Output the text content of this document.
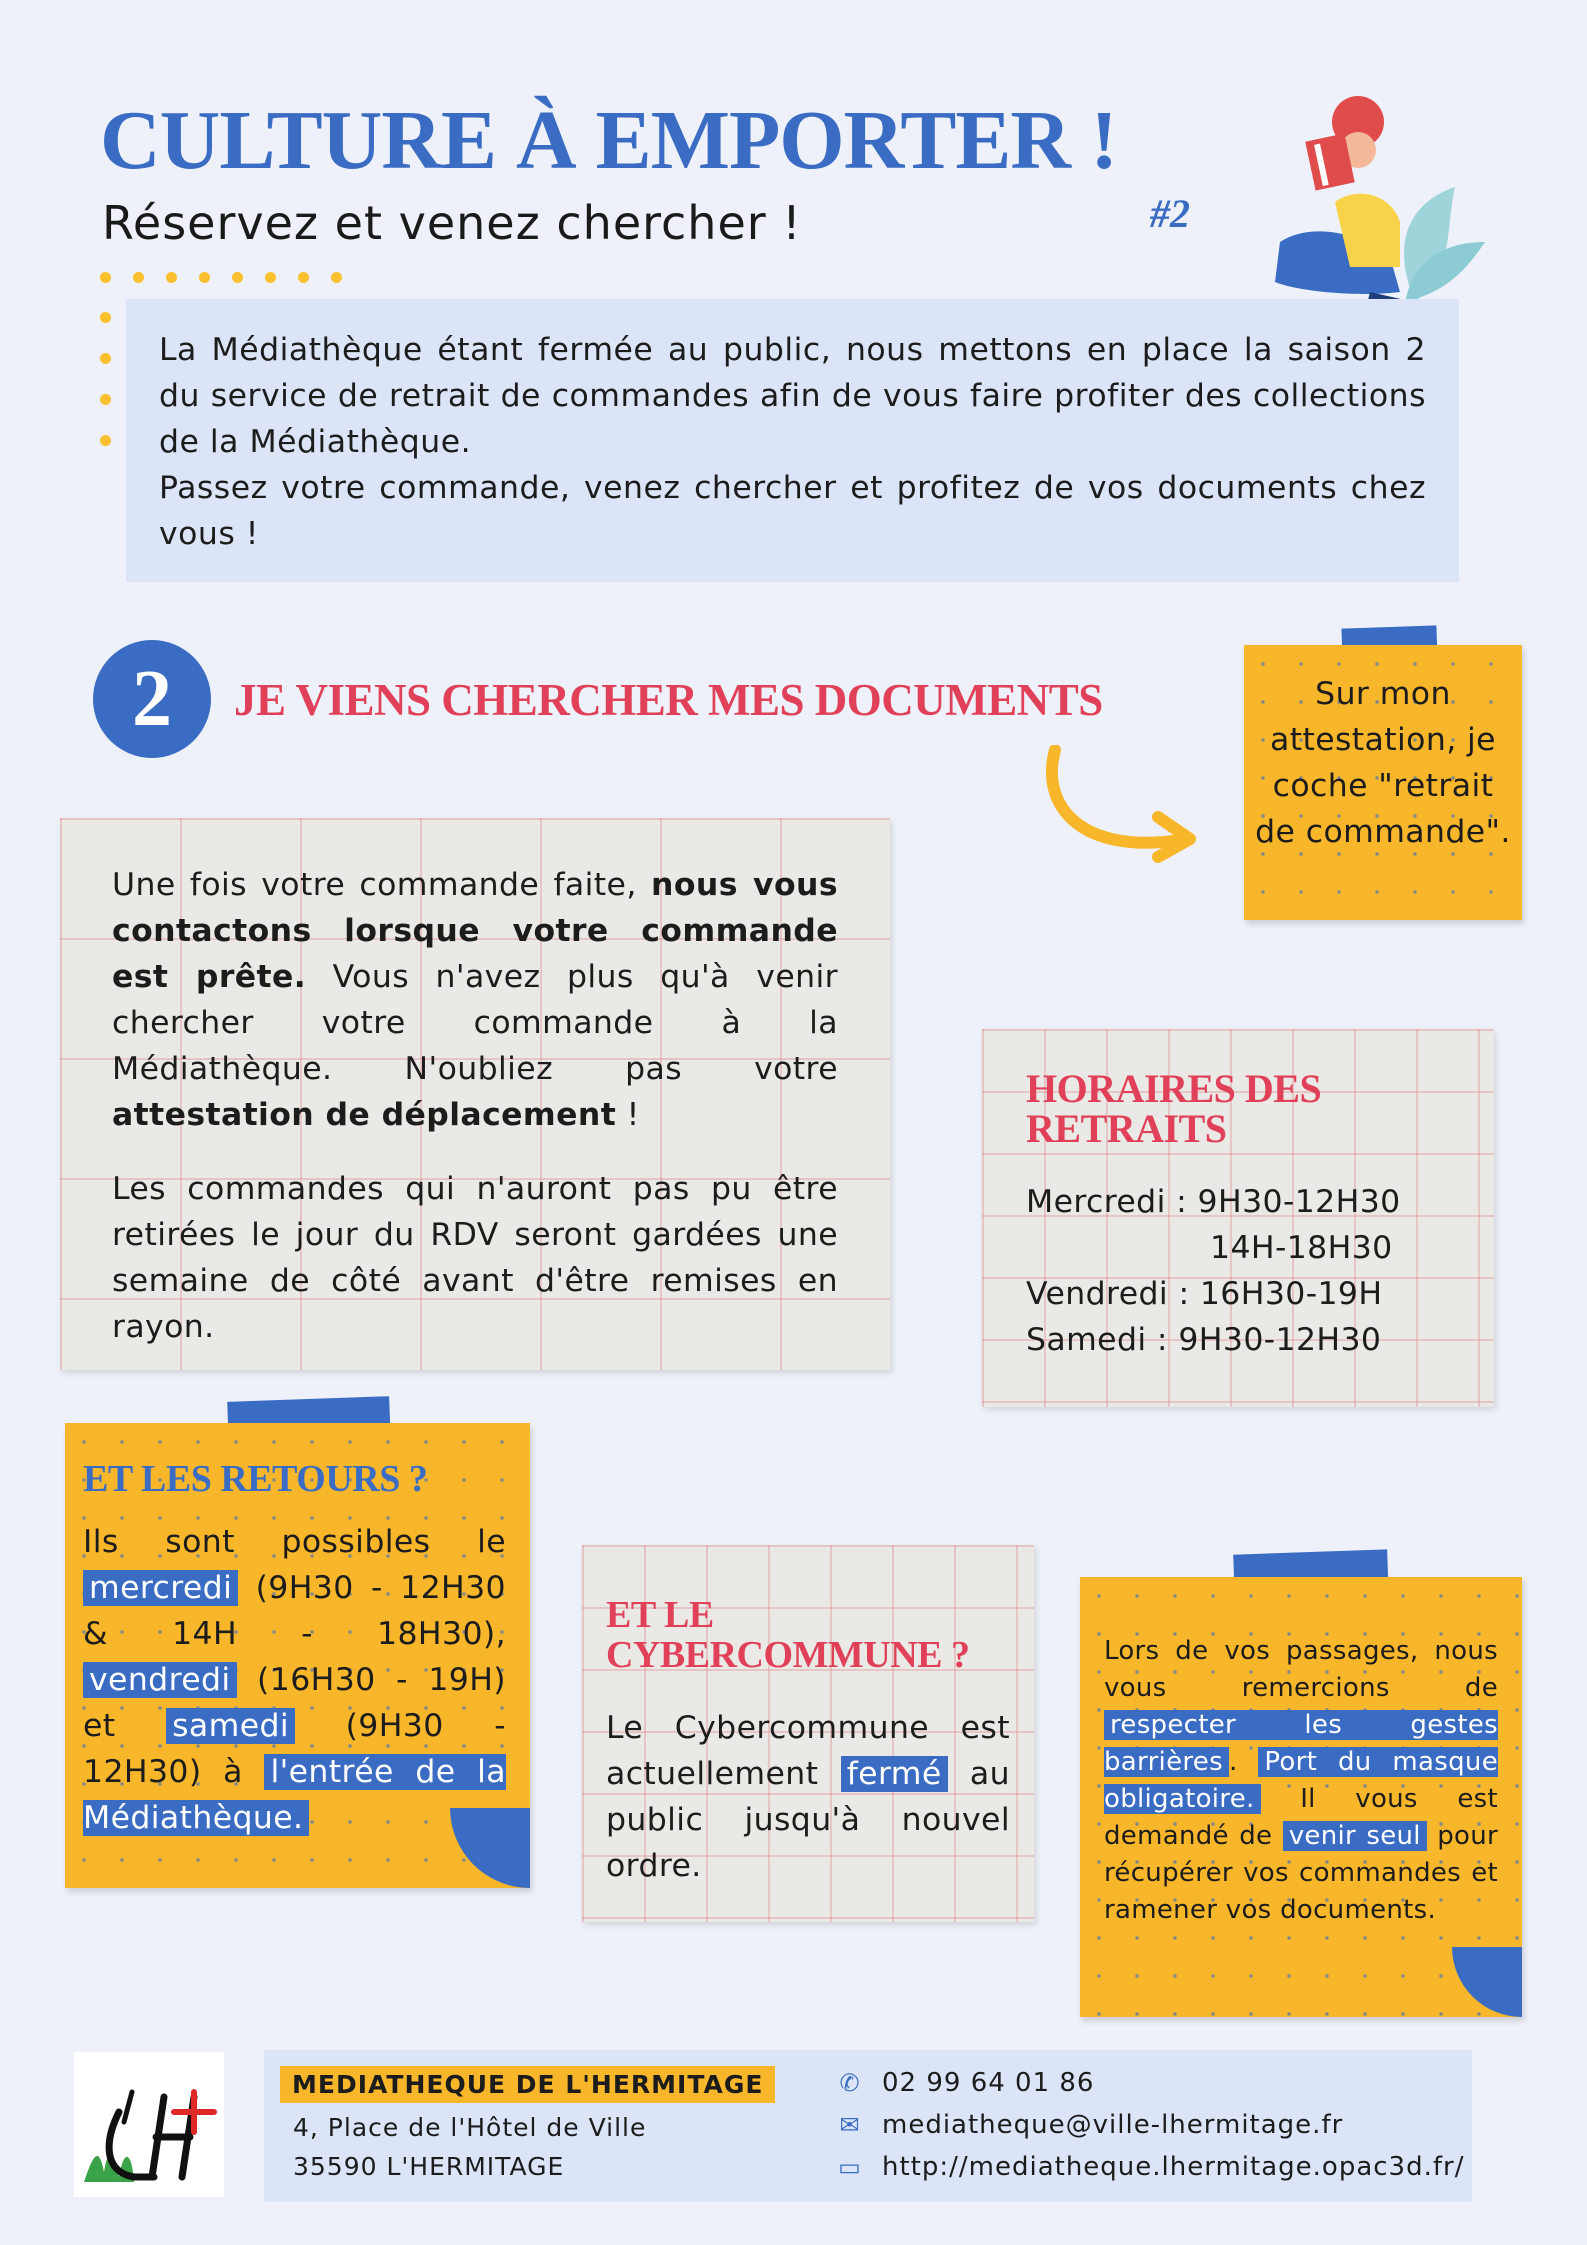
CULTURE À EMPORTER !
Réservez et venez chercher !	#2
La Médiathèque étant fermée au public, nous mettons en place la saison 2 du service de retrait de commandes afin de vous faire profiter des collections de la Médiathèque.
Passez votre commande, venez chercher et profitez de vos documents chez vous !
2	JE VIENS CHERCHER MES DOCUMENTS

Une fois votre commande faite, nous vous contactons lorsque votre commande est prête. Vous n'avez plus qu'à venir chercher votre commande à la Médiathèque. N'oubliez pas votre attestation de déplacement !

Les commandes qui n'auront pas pu être retirées le jour du RDV seront gardées une semaine de côté avant d'être remises en rayon.

Sur mon attestation, je coche "retrait de commande".
HORAIRES DES RETRAITS
Mercredi : 9H30-12H30
14H-18H30
Vendredi : 16H30-19H
Samedi : 9H30-12H30
ET LES RETOURS ?
Ils sont possibles le mercredi (9H30 - 12H30 & 14H - 18H30), vendredi (16H30 - 19H) et samedi (9H30 - 12H30) à l'entrée de la Médiathèque.
ET LE CYBERCOMMUNE ?
Le Cybercommune est actuellement fermé au public jusqu'à nouvel ordre.
Lors de vos passages, nous vous remercions de respecter les gestes barrières . Port du masque obligatoire. Il vous est demandé de venir seul pour récupérer vos commandes et ramener vos documents.
MEDIATHEQUE DE L'HERMITAGE
4, Place de l'Hôtel de Ville
35590 L'HERMITAGE
✆ 02 99 64 01 86
✉ mediatheque@ville-lhermitage.fr
▭ http://mediatheque.lhermitage.opac3d.fr/
